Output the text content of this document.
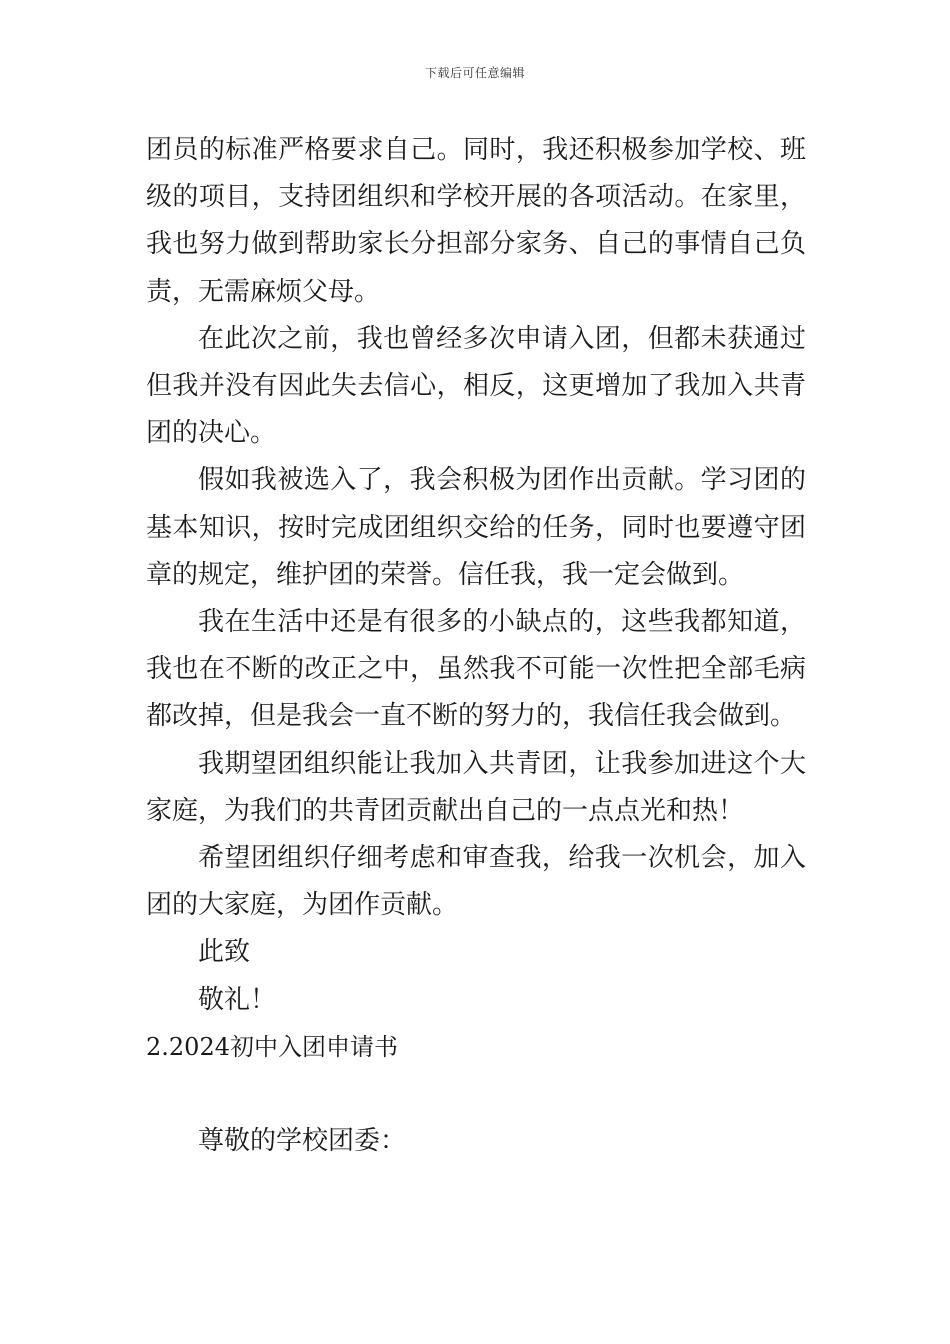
下载后可任意编辑

团员的标准严格要求自己。同时，我还积极参加学校、班级的项目，支持团组织和学校开展的各项活动。在家里，我也努力做到帮助家长分担部分家务、自己的事情自己负责，无需麻烦父母。

在此次之前，我也曾经多次申请入团，但都未获通过但我并没有因此失去信心，相反，这更增加了我加入共青团的决心。

假如我被选入了，我会积极为团作出贡献。学习团的基本知识，按时完成团组织交给的任务，同时也要遵守团章的规定，维护团的荣誉。信任我，我一定会做到。

我在生活中还是有很多的小缺点的，这些我都知道，我也在不断的改正之中，虽然我不可能一次性把全部毛病都改掉，但是我会一直不断的努力的，我信任我会做到。

我期望团组织能让我加入共青团，让我参加进这个大家庭，为我们的共青团贡献出自己的一点点光和热！

希望团组织仔细考虑和审查我，给我一次机会，加入团的大家庭，为团作贡献。

此致

敬礼！

2.2024初中入团申请书

尊敬的学校团委：
